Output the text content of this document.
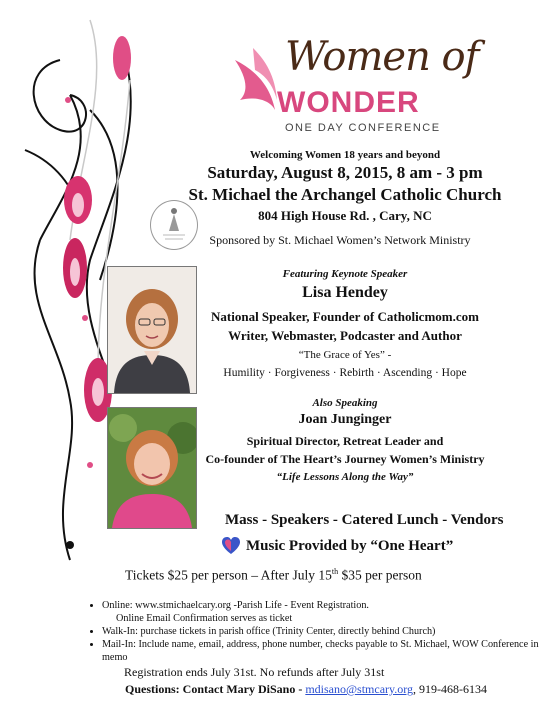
Women of
WONDER
ONE DAY CONFERENCE
Welcoming Women 18 years and beyond
Saturday, August 8, 2015, 8 am - 3 pm
St. Michael the Archangel Catholic Church
804 High House Rd. , Cary, NC
Sponsored by St. Michael Women’s Network Ministry
Featuring Keynote Speaker
Lisa Hendey
National Speaker, Founder of Catholicmom.com
Writer, Webmaster, Podcaster and Author
“The Grace of Yes” -
Humility · Forgiveness · Rebirth · Ascending · Hope
Also Speaking
Joan Junginger
Spiritual Director, Retreat Leader and
Co-founder of The Heart’s Journey Women’s Ministry
“Life Lessons Along the Way”
Mass - Speakers - Catered Lunch - Vendors
Music Provided by “One Heart”
Tickets $25 per person – After July 15th $35 per person
• Online: www.stmichaelcary.org -Parish Life - Event Registration.
Online Email Confirmation serves as ticket
• Walk-In: purchase tickets in parish office (Trinity Center, directly behind Church)
• Mail-In: Include name, email, address, phone number, checks payable to St. Michael, WOW Conference in memo
Registration ends July 31st. No refunds after July 31st
Questions: Contact Mary DiSano - mdisano@stmcary.org, 919-468-6134
